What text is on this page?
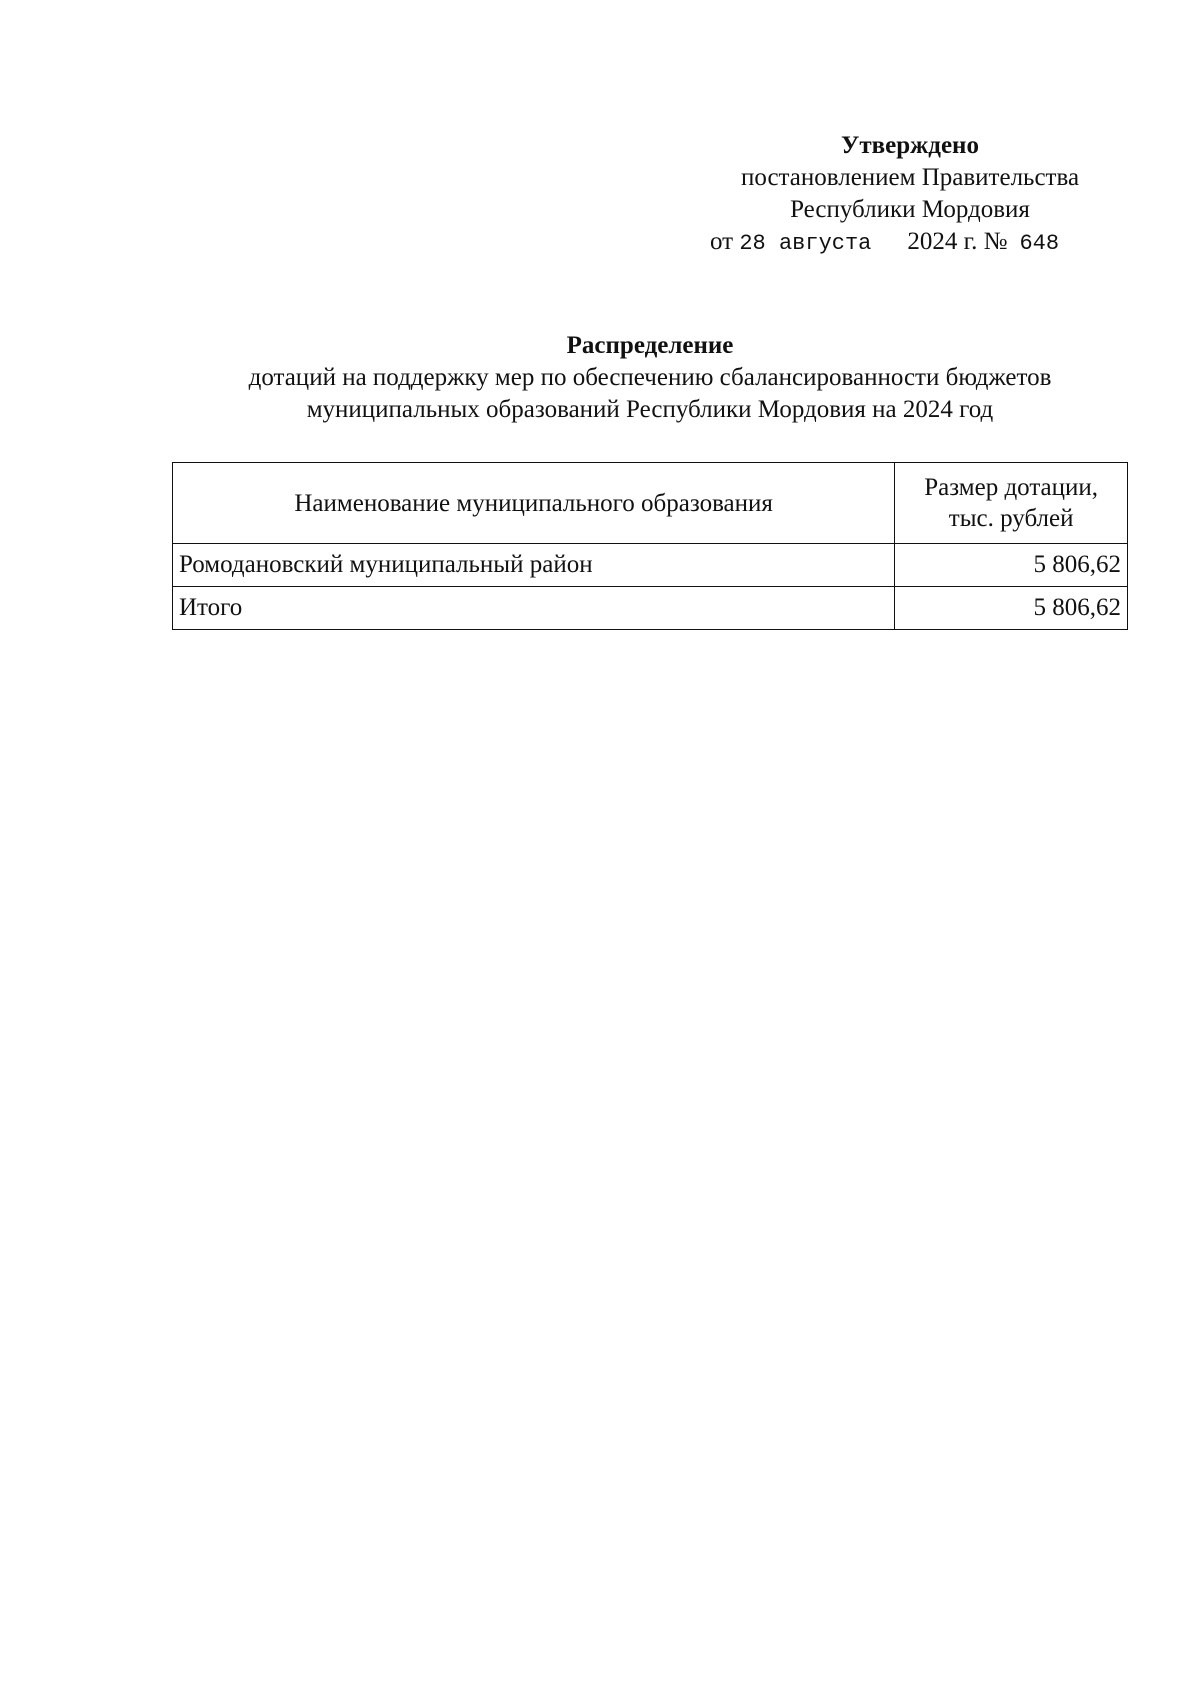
Утверждено
постановлением Правительства
Республики Мордовия
от 28 августа 2024 г. № 648
Распределение
дотаций на поддержку мер по обеспечению сбалансированности бюджетов
муниципальных образований Республики Мордовия на 2024 год
Наименование муниципального образования	Размер дотации,
тыс. рублей

Ромодановский муниципальный район	5 806,62
Итого	5 806,62
